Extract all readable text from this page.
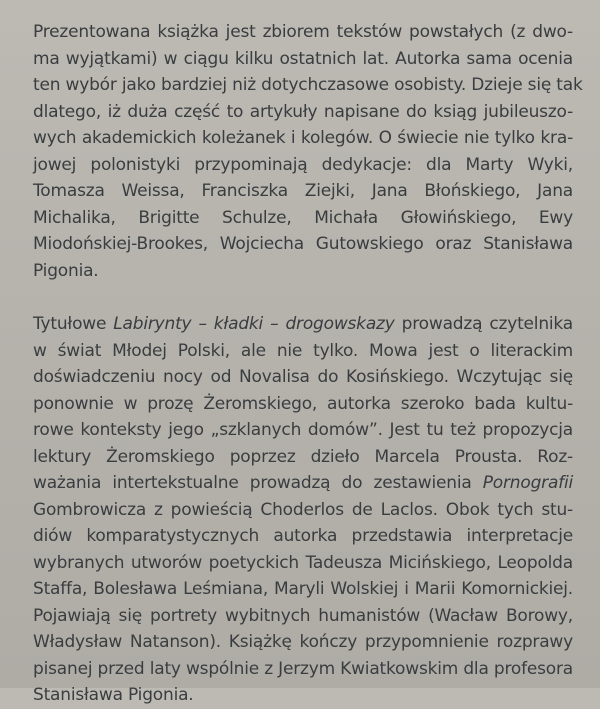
Prezentowana książka jest zbiorem tekstów powstałych (z dwo-
ma wyjątkami) w ciągu kilku ostatnich lat. Autorka sama ocenia
ten wybór jako bardziej niż dotychczasowe osobisty. Dzieje się tak
dlatego, iż duża część to artykuły napisane do ksiąg jubileuszo-
wych akademickich koleżanek i kolegów. O świecie nie tylko kra-
jowej polonistyki przypominają dedykacje: dla Marty Wyki,
Tomasza Weissa, Franciszka Ziejki, Jana Błońskiego, Jana
Michalika, Brigitte Schulze, Michała Głowińskiego, Ewy
Miodońskiej-Brookes, Wojciecha Gutowskiego oraz Stanisława
Pigonia.

Tytułowe Labirynty – kładki – drogowskazy prowadzą czytelnika
w świat Młodej Polski, ale nie tylko. Mowa jest o literackim
doświadczeniu nocy od Novalisa do Kosińskiego. Wczytując się
ponownie w prozę Żeromskiego, autorka szeroko bada kultu-
rowe konteksty jego „szklanych domów”. Jest tu też propozycja
lektury Żeromskiego poprzez dzieło Marcela Prousta. Roz-
ważania intertekstualne prowadzą do zestawienia Pornografii
Gombrowicza z powieścią Choderlos de Laclos. Obok tych stu-
diów komparatystycznych autorka przedstawia interpretacje
wybranych utworów poetyckich Tadeusza Micińskiego, Leopolda
Staffa, Bolesława Leśmiana, Maryli Wolskiej i Marii Komornickiej.
Pojawiają się portrety wybitnych humanistów (Wacław Borowy,
Władysław Natanson). Książkę kończy przypomnienie rozprawy
pisanej przed laty wspólnie z Jerzym Kwiatkowskim dla profesora
Stanisława Pigonia.
